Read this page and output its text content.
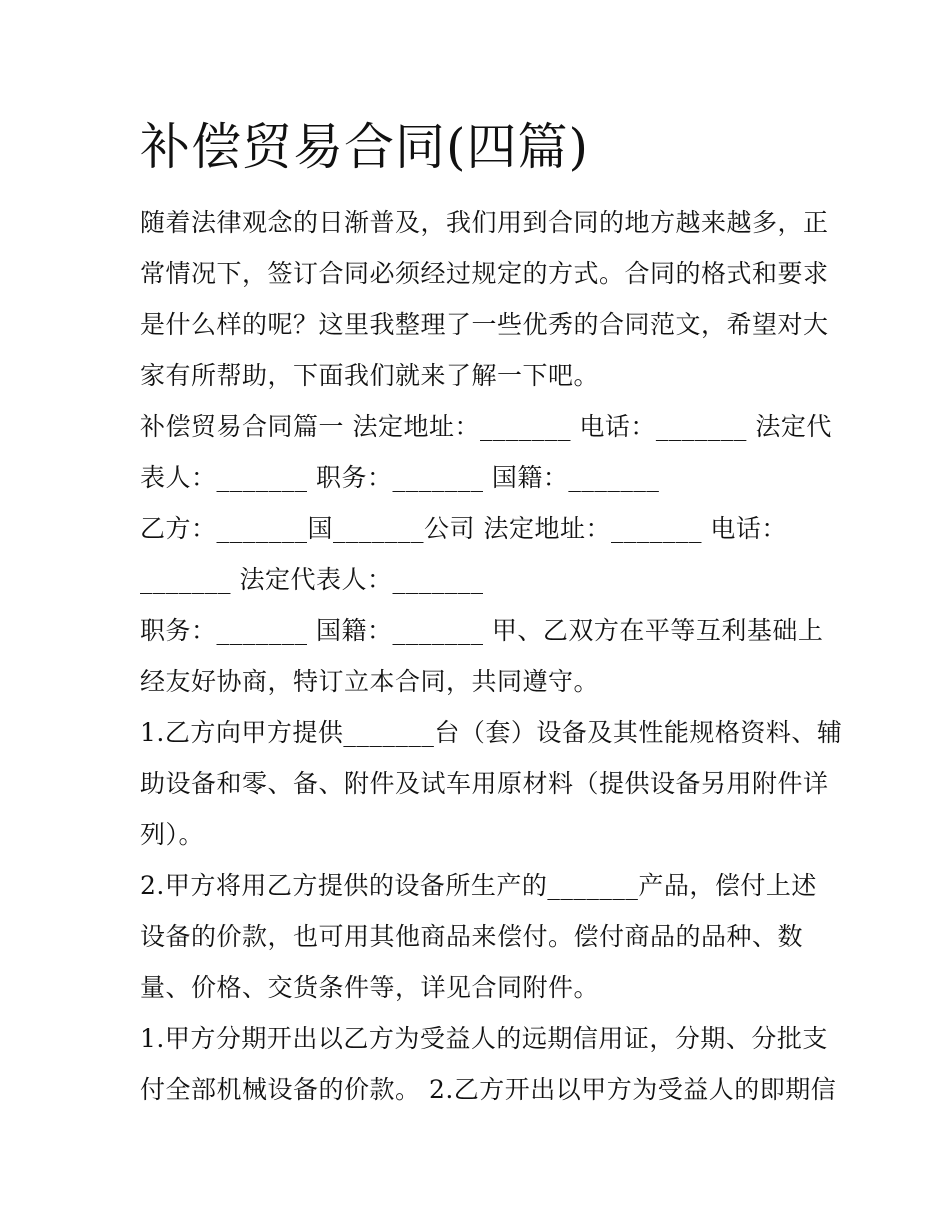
补偿贸易合同(四篇)

随着法律观念的日渐普及，我们用到合同的地方越来越多，正

常情况下，签订合同必须经过规定的方式。合同的格式和要求

是什么样的呢？这里我整理了一些优秀的合同范文，希望对大

家有所帮助，下面我们就来了解一下吧。

补偿贸易合同篇一 法定地址：_______ 电话：_______ 法定代

表人：_______ 职务：_______ 国籍：_______

乙方：_______国_______公司 法定地址：_______ 电话：

_______ 法定代表人：_______

职务：_______ 国籍：_______ 甲、乙双方在平等互利基础上

经友好协商，特订立本合同，共同遵守。

1.乙方向甲方提供_______台（套）设备及其性能规格资料、辅

助设备和零、备、附件及试车用原材料（提供设备另用附件详

列）。

2.甲方将用乙方提供的设备所生产的_______产品，偿付上述

设备的价款，也可用其他商品来偿付。偿付商品的品种、数

量、价格、交货条件等，详见合同附件。

1.甲方分期开出以乙方为受益人的远期信用证，分期、分批支

付全部机械设备的价款。 2.乙方开出以甲方为受益人的即期信
